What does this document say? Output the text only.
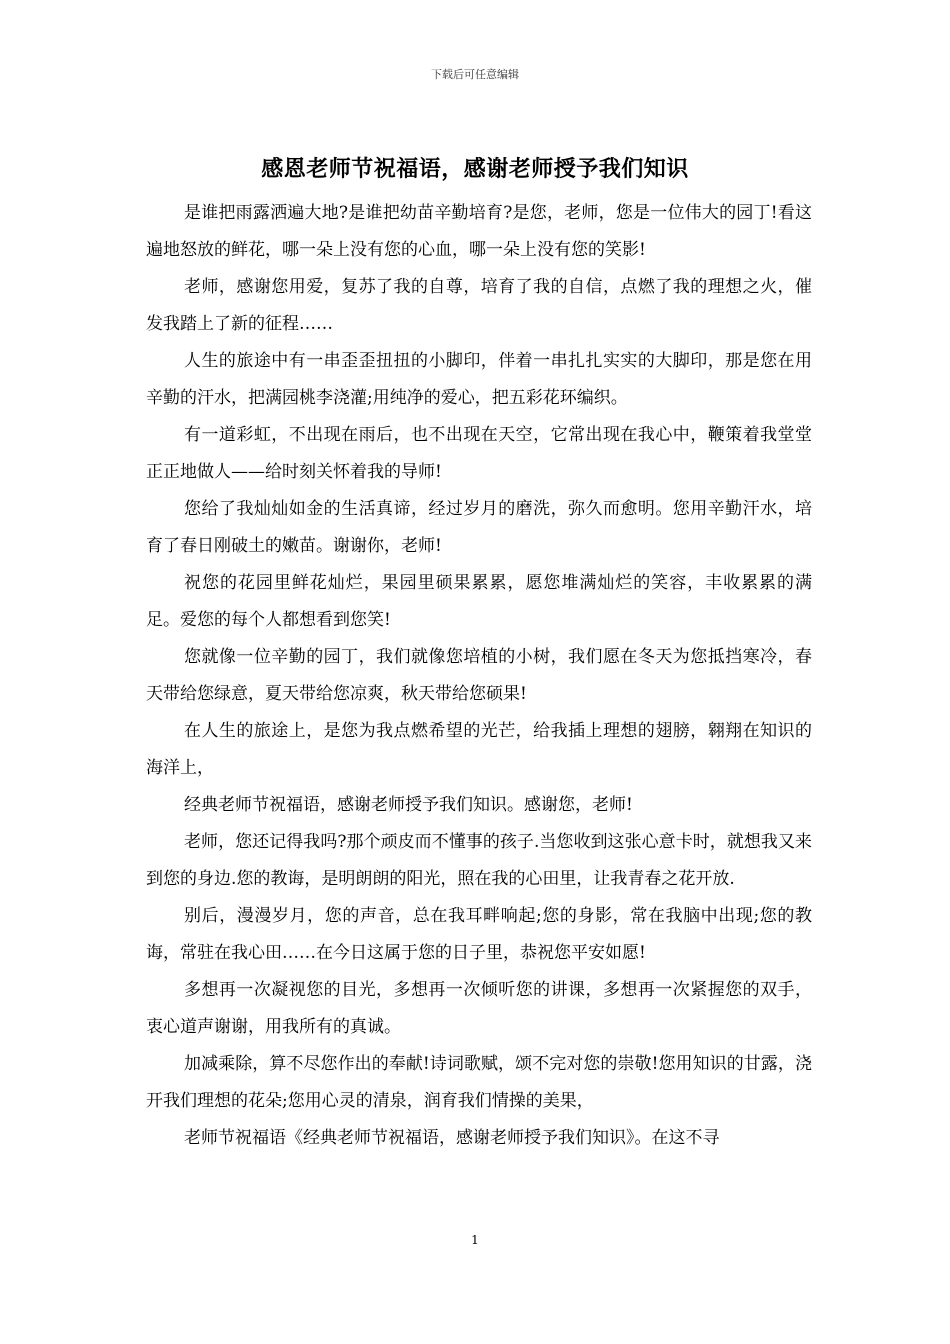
下载后可任意编辑
感恩老师节祝福语，感谢老师授予我们知识

是谁把雨露洒遍大地?是谁把幼苗辛勤培育?是您，老师，您是一位伟大的园丁!看这遍地怒放的鲜花，哪一朵上没有您的心血，哪一朵上没有您的笑影!

老师，感谢您用爱，复苏了我的自尊，培育了我的自信，点燃了我的理想之火，催发我踏上了新的征程……

人生的旅途中有一串歪歪扭扭的小脚印，伴着一串扎扎实实的大脚印，那是您在用辛勤的汗水，把满园桃李浇灌;用纯净的爱心，把五彩花环编织。

有一道彩虹，不出现在雨后，也不出现在天空，它常出现在我心中，鞭策着我堂堂正正地做人——给时刻关怀着我的导师!

您给了我灿灿如金的生活真谛，经过岁月的磨洗，弥久而愈明。您用辛勤汗水，培育了春日刚破土的嫩苗。谢谢你，老师!

祝您的花园里鲜花灿烂，果园里硕果累累，愿您堆满灿烂的笑容，丰收累累的满足。爱您的每个人都想看到您笑!

您就像一位辛勤的园丁，我们就像您培植的小树，我们愿在冬天为您抵挡寒冷，春天带给您绿意，夏天带给您凉爽，秋天带给您硕果!

在人生的旅途上，是您为我点燃希望的光芒，给我插上理想的翅膀，翱翔在知识的海洋上，

经典老师节祝福语，感谢老师授予我们知识。感谢您，老师!

老师，您还记得我吗?那个顽皮而不懂事的孩子.当您收到这张心意卡时，就想我又来到您的身边.您的教诲，是明朗朗的阳光，照在我的心田里，让我青春之花开放.

别后，漫漫岁月，您的声音，总在我耳畔响起;您的身影，常在我脑中出现;您的教诲，常驻在我心田……在今日这属于您的日子里，恭祝您平安如愿!

多想再一次凝视您的目光，多想再一次倾听您的讲课，多想再一次紧握您的双手，衷心道声谢谢，用我所有的真诚。

加减乘除，算不尽您作出的奉献!诗词歌赋，颂不完对您的崇敬!您用知识的甘露，浇开我们理想的花朵;您用心灵的清泉，润育我们情操的美果，

老师节祝福语《经典老师节祝福语，感谢老师授予我们知识》。在这不寻

1
